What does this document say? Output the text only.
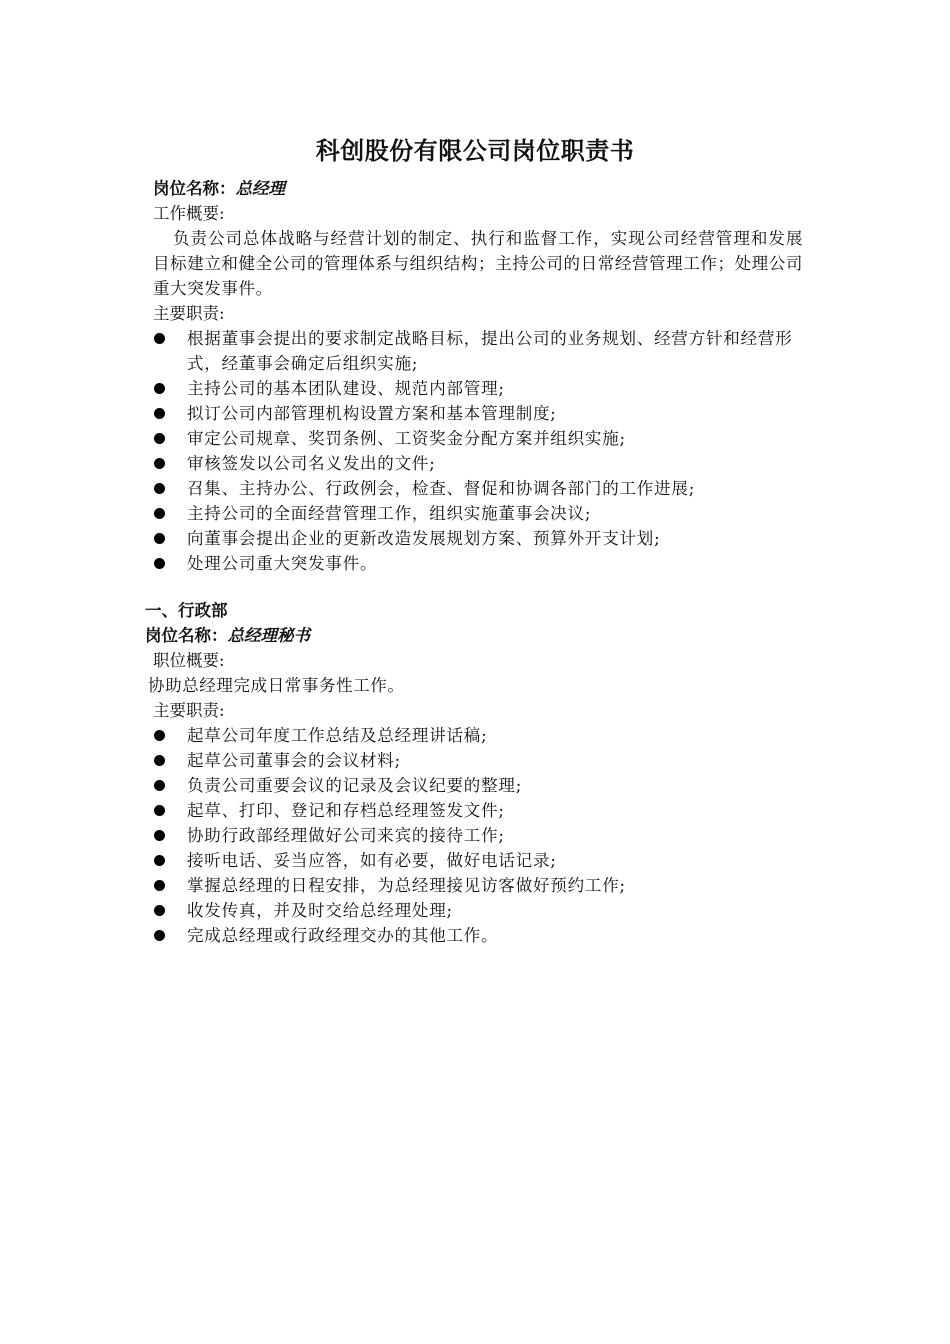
科创股份有限公司岗位职责书
岗位名称：总经理
工作概要:
负责公司总体战略与经营计划的制定、执行和监督工作，实现公司经营管理和发展目标建立和健全公司的管理体系与组织结构；主持公司的日常经营管理工作；处理公司重大突发事件。
主要职责:
根据董事会提出的要求制定战略目标，提出公司的业务规划、经营方针和经营形式，经董事会确定后组织实施;
主持公司的基本团队建设、规范内部管理;
拟订公司内部管理机构设置方案和基本管理制度;
审定公司规章、奖罚条例、工资奖金分配方案并组织实施;
审核签发以公司名义发出的文件;
召集、主持办公、行政例会，检查、督促和协调各部门的工作进展;
主持公司的全面经营管理工作，组织实施董事会决议;
向董事会提出企业的更新改造发展规划方案、预算外开支计划;
处理公司重大突发事件。
一、行政部
岗位名称：总经理秘书
职位概要:
协助总经理完成日常事务性工作。
主要职责:
起草公司年度工作总结及总经理讲话稿;
起草公司董事会的会议材料;
负责公司重要会议的记录及会议纪要的整理;
起草、打印、登记和存档总经理签发文件;
协助行政部经理做好公司来宾的接待工作;
接听电话、妥当应答，如有必要，做好电话记录;
掌握总经理的日程安排，为总经理接见访客做好预约工作;
收发传真，并及时交给总经理处理;
完成总经理或行政经理交办的其他工作。
